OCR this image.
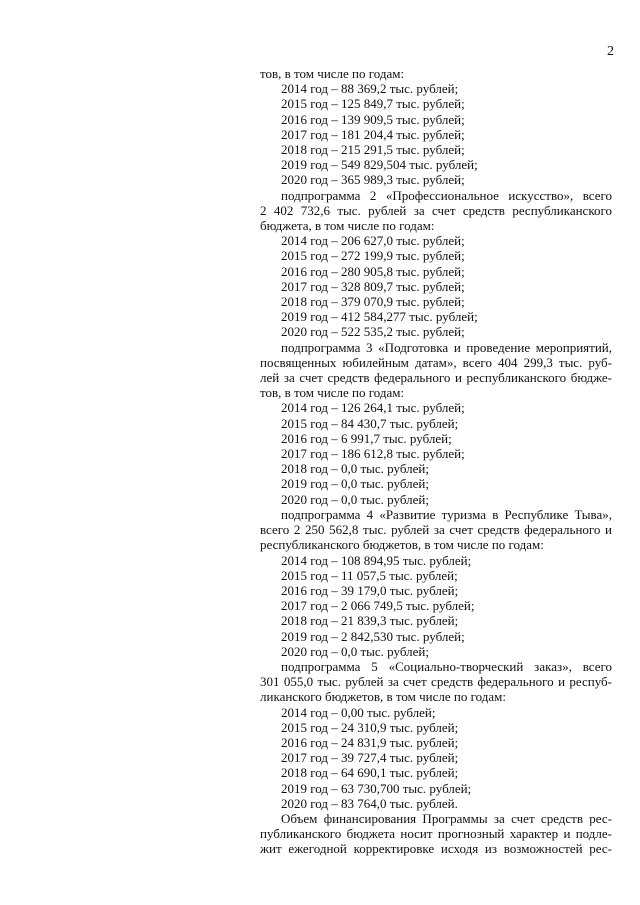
2

тов, в том числе по годам:

2014 год – 88 369,2 тыс. рублей;

2015 год – 125 849,7 тыс. рублей;

2016 год – 139 909,5 тыс. рублей;

2017 год – 181 204,4 тыс. рублей;

2018 год – 215 291,5 тыс. рублей;

2019 год – 549 829,504 тыс. рублей;

2020 год – 365 989,3 тыс. рублей;

подпрограмма 2 «Профессиональное искусство», всего

2 402 732,6 тыс. рублей за счет средств республиканского

бюджета, в том числе по годам:

2014 год – 206 627,0 тыс. рублей;

2015 год – 272 199,9 тыс. рублей;

2016 год – 280 905,8 тыс. рублей;

2017 год – 328 809,7 тыс. рублей;

2018 год – 379 070,9 тыс. рублей;

2019 год – 412 584,277 тыс. рублей;

2020 год – 522 535,2 тыс. рублей;

подпрограмма 3 «Подготовка и проведение мероприятий,

посвященных юбилейным датам», всего 404 299,3 тыс. руб-

лей за счет средств федерального и республиканского бюдже-

тов, в том числе по годам:

2014 год – 126 264,1 тыс. рублей;

2015 год – 84 430,7 тыс. рублей;

2016 год – 6 991,7 тыс. рублей;

2017 год – 186 612,8 тыс. рублей;

2018 год – 0,0 тыс. рублей;

2019 год – 0,0 тыс. рублей;

2020 год – 0,0 тыс. рублей;

подпрограмма 4 «Развитие туризма в Республике Тыва»,

всего 2 250 562,8 тыс. рублей за счет средств федерального и

республиканского бюджетов, в том числе по годам:

2014 год – 108 894,95 тыс. рублей;

2015 год – 11 057,5 тыс. рублей;

2016 год – 39 179,0 тыс. рублей;

2017 год – 2 066 749,5 тыс. рублей;

2018 год – 21 839,3 тыс. рублей;

2019 год – 2 842,530 тыс. рублей;

2020 год – 0,0 тыс. рублей;

подпрограмма 5 «Социально-творческий заказ», всего

301 055,0 тыс. рублей за счет средств федерального и респуб-

ликанского бюджетов, в том числе по годам:

2014 год – 0,00 тыс. рублей;

2015 год – 24 310,9 тыс. рублей;

2016 год – 24 831,9 тыс. рублей;

2017 год – 39 727,4 тыс. рублей;

2018 год – 64 690,1 тыс. рублей;

2019 год – 63 730,700 тыс. рублей;

2020 год – 83 764,0 тыс. рублей.

Объем финансирования Программы за счет средств рес-

публиканского бюджета носит прогнозный характер и подле-

жит ежегодной корректировке исходя из возможностей рес-
